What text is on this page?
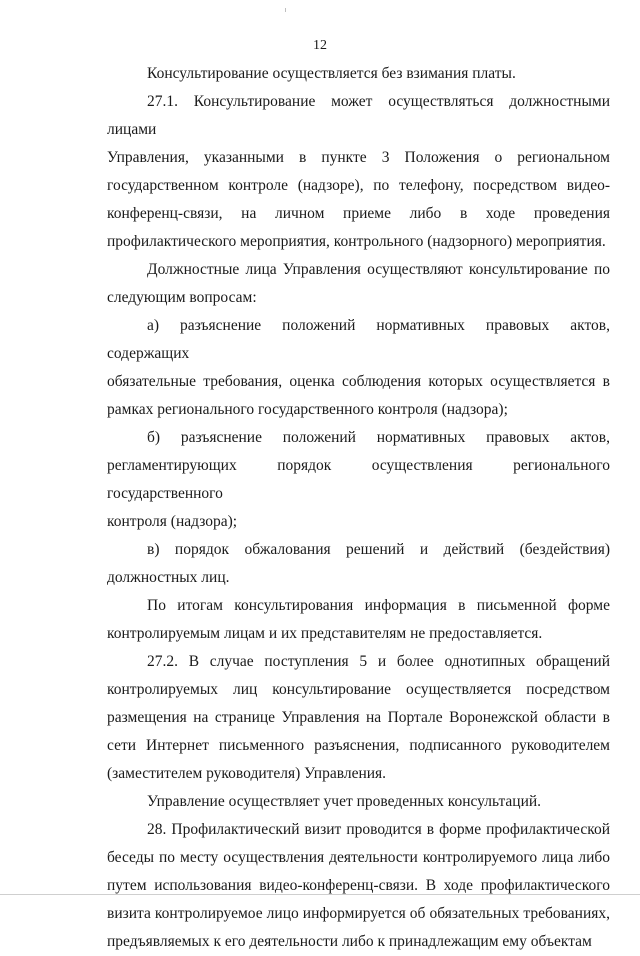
12
Консультирование осуществляется без взимания платы.
27.1. Консультирование может осуществляться должностными лицами
Управления, указанными в пункте 3 Положения о региональном
государственном контроле (надзоре), по телефону, посредством видео-
конференц-связи, на личном приеме либо в ходе проведения
профилактического мероприятия, контрольного (надзорного) мероприятия.
Должностные лица Управления осуществляют консультирование по
следующим вопросам:
а) разъяснение положений нормативных правовых актов, содержащих
обязательные требования, оценка соблюдения которых осуществляется в
рамках регионального государственного контроля (надзора);
б) разъяснение положений нормативных правовых актов,
регламентирующих порядок осуществления регионального государственного
контроля (надзора);
в) порядок обжалования решений и действий (бездействия)
должностных лиц.
По итогам консультирования информация в письменной форме
контролируемым лицам и их представителям не предоставляется.
27.2. В случае поступления 5 и более однотипных обращений
контролируемых лиц консультирование осуществляется посредством
размещения на странице Управления на Портале Воронежской области в
сети Интернет письменного разъяснения, подписанного руководителем
(заместителем руководителя) Управления.
Управление осуществляет учет проведенных консультаций.
28. Профилактический визит проводится в форме профилактической
беседы по месту осуществления деятельности контролируемого лица либо
путем использования видео-конференц-связи. В ходе профилактического
визита контролируемое лицо информируется об обязательных требованиях,
предъявляемых к его деятельности либо к принадлежащим ему объектам
